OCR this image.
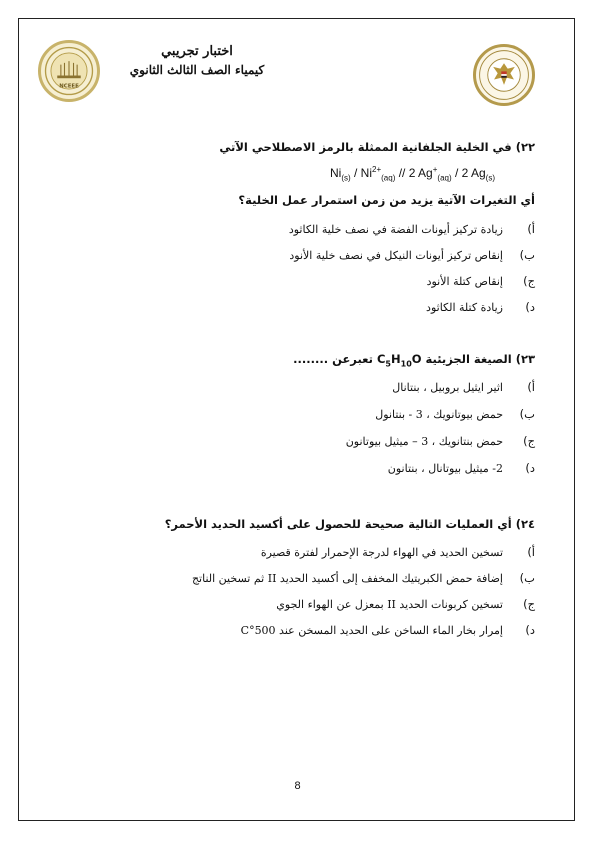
NCEEE
اختبار تجريبي
كيمياء الصف الثالث الثانوي
٢٢) في الخلية الجلفانية الممثلة بالرمز الاصطلاحي الآتي
$Ni_{(s)} / Ni^{2+}_{(aq)} // 2$ $Ag^+_{(aq)} / 2$ $Ag_{(s)}$
أي التغيرات الآتية يزيد من زمن استمرار عمل الخلية؟
أ)
زيادة تركيز أيونات الفضة في نصف خلية الكاثود
ب)
إنقاص تركيز أيونات النيكل في نصف خلية الأنود
ج)
إنقاص كتلة الأنود
د)
زيادة كتلة الكاثود
٢٣) الصيغة الجزيئية $C_5H_{10}O$ تعبرعن ........
أ)
اثير ايثيل بروبيل ، بنتانال
ب)
حمض بيوتانويك ، 3 - بنتانول
ج)
حمض بنتانويك ، 3 – ميثيل بيوتانون
د)
2- ميثيل بيوتانال ، بنتانون
٢٤) أي العمليات التالية صحيحة للحصول على أكسيد الحديد الأحمر؟
أ)
تسخين الحديد في الهواء لدرجة الإحمرار لفترة قصيرة
ب)
إضافة حمض الكبريتيك المخفف إلى أكسيد الحديد II ثم تسخين الناتج
ج)
تسخين كربونات الحديد II بمعزل عن الهواء الجوي
د)
إمرار بخار الماء الساخن على الحديد المسخن عند 500°C
8
